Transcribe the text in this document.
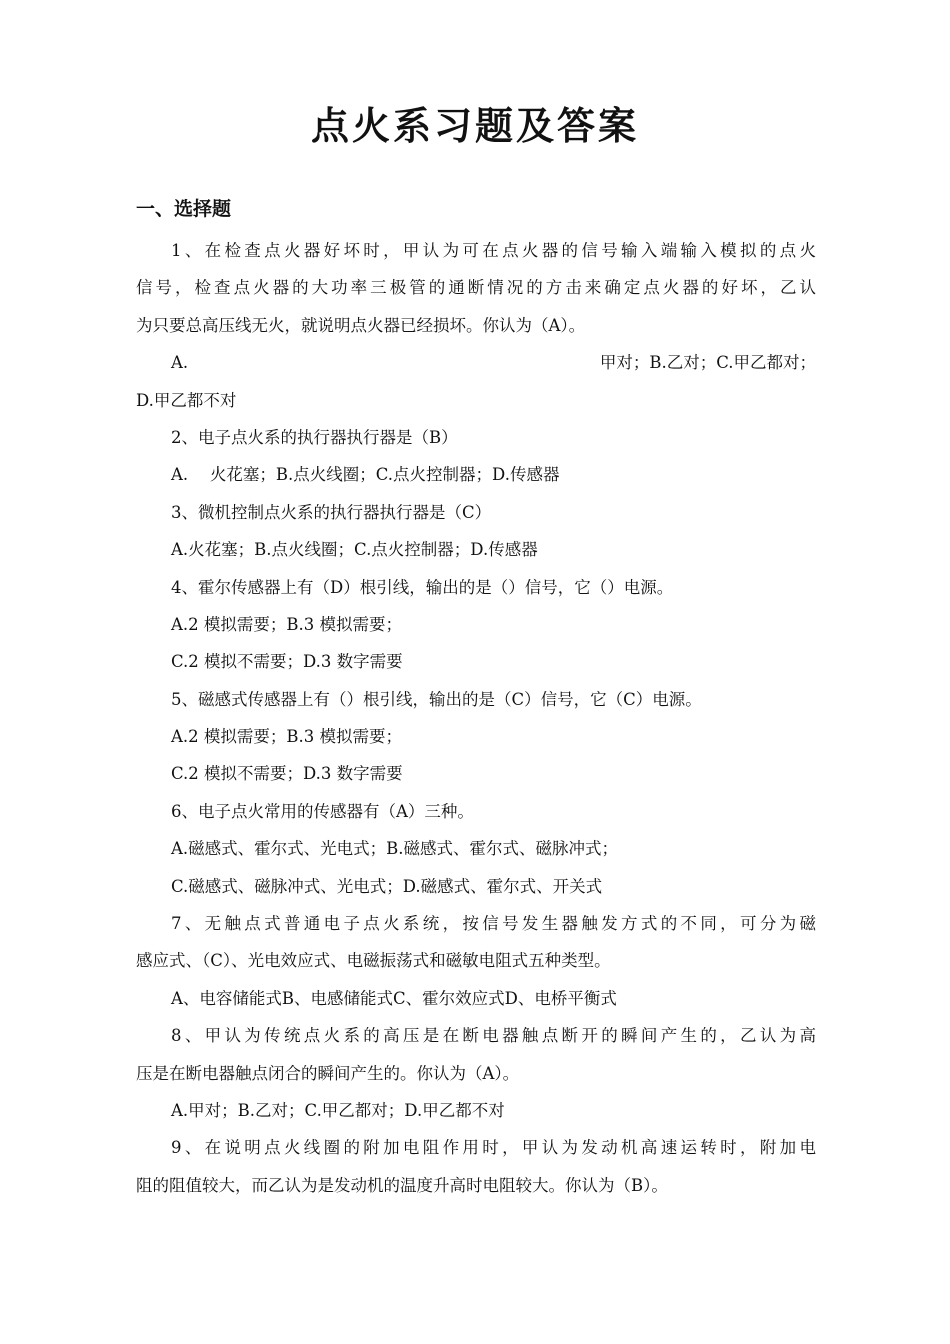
点火系习题及答案
一、选择题

1、在检查点火器好坏时，甲认为可在点火器的信号输入端输入模拟的点火

信号，检查点火器的大功率三极管的通断情况的方击来确定点火器的好坏，乙认

为只要总高压线无火，就说明点火器已经损坏。你认为（A）。

A.	甲对；B.乙对；C.甲乙都对；

D.甲乙都不对

2、电子点火系的执行器执行器是（B）

A.　 火花塞；B.点火线圈；C.点火控制器；D.传感器

3、微机控制点火系的执行器执行器是（C）

A.火花塞；B.点火线圈；C.点火控制器；D.传感器

4、霍尔传感器上有（D）根引线，输出的是（）信号，它（）电源。

A.2 模拟需要；B.3 模拟需要；

C.2 模拟不需要；D.3 数字需要

5、磁感式传感器上有（）根引线，输出的是（C）信号，它（C）电源。

A.2 模拟需要；B.3 模拟需要；

C.2 模拟不需要；D.3 数字需要

6、电子点火常用的传感器有（A）三种。

A.磁感式、霍尔式、光电式；B.磁感式、霍尔式、磁脉冲式；

C.磁感式、磁脉冲式、光电式；D.磁感式、霍尔式、开关式

7、无触点式普通电子点火系统，按信号发生器触发方式的不同，可分为磁

感应式、（C）、光电效应式、电磁振荡式和磁敏电阻式五种类型。

A、电容储能式B、电感储能式C、霍尔效应式D、电桥平衡式

8、甲认为传统点火系的高压是在断电器触点断开的瞬间产生的，乙认为高

压是在断电器触点闭合的瞬间产生的。你认为（A）。

A.甲对；B.乙对；C.甲乙都对；D.甲乙都不对

9、在说明点火线圈的附加电阻作用时，甲认为发动机高速运转时，附加电

阻的阻值较大，而乙认为是发动机的温度升高时电阻较大。你认为（B）。
